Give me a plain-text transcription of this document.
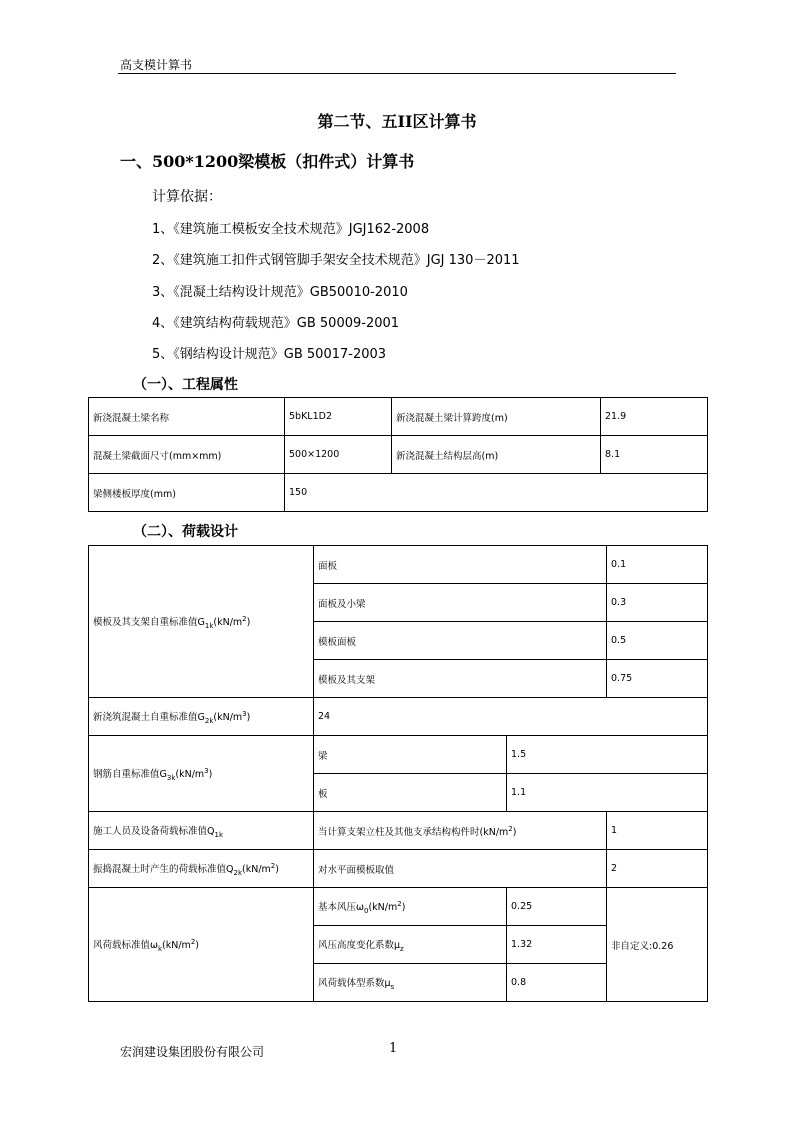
高支模计算书
第二节、五II区计算书
一、500*1200梁模板（扣件式）计算书
计算依据：
1、《建筑施工模板安全技术规范》JGJ162-2008
2、《建筑施工扣件式钢管脚手架安全技术规范》JGJ 130－2011
3、《混凝土结构设计规范》GB50010-2010
4、《建筑结构荷载规范》GB 50009-2001
5、《钢结构设计规范》GB 50017-2003
（一）、工程属性
新浇混凝土梁名称	5bKL1D2	新浇混凝土梁计算跨度(m)	21.9
混凝土梁截面尺寸(mm×mm)	500×1200	新浇混凝土结构层高(m)	8.1
梁侧楼板厚度(mm)	150		
（二）、荷载设计
模板及其支架自重标准值$G_{1k}(kN/m^2)$	面板		0.1
	面板及小梁		0.3
	模板面板		0.5
	模板及其支架		0.75
新浇筑混凝土自重标准值$G_{2k}(kN/m^3)$	24		
钢筋自重标准值$G_{3k}(kN/m^3)$	梁	1.5	
	板	1.1	
施工人员及设备荷载标准值$Q_{1k}$	当计算支架立柱及其他支承结构构件时$(kN/m^2)$		1
振捣混凝土时产生的荷载标准值$Q_{2k}(kN/m^2)$	对水平面模板取值		2
风荷载标准值$\omega_k(kN/m^2)$	基本风压$\omega_0(kN/m^2)$	0.25	非自定义:0.26
	风压高度变化系数$\mu_z$	1.32	
	风荷载体型系数$\mu_s$	0.8	
宏润建设集团股份有限公司	1
